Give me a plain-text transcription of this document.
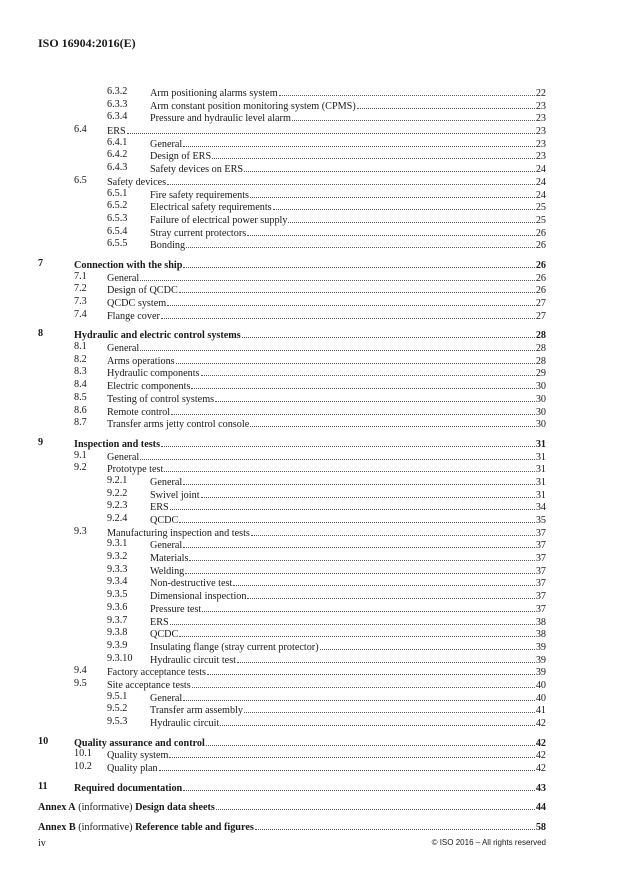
ISO 16904:2016(E)
6.3.2 Arm positioning alarms system	22
6.3.3 Arm constant position monitoring system (CPMS)	23
6.3.4 Pressure and hydraulic level alarm	23
6.4 ERS	23
6.4.1 General	23
6.4.2 Design of ERS	23
6.4.3 Safety devices on ERS	24
6.5 Safety devices	24
6.5.1 Fire safety requirements	24
6.5.2 Electrical safety requirements	25
6.5.3 Failure of electrical power supply	25
6.5.4 Stray current protectors	26
6.5.5 Bonding	26
7	Connection with the ship	26
7.1 General	26
7.2 Design of QCDC	26
7.3 QCDC system	27
7.4 Flange cover	27
8	Hydraulic and electric control systems	28
8.1 General	28
8.2 Arms operations	28
8.3 Hydraulic components	29
8.4 Electric components	30
8.5 Testing of control systems	30
8.6 Remote control	30
8.7 Transfer arms jetty control console	30
9	Inspection and tests	31
9.1 General	31
9.2 Prototype test	31
9.2.1 General	31
9.2.2 Swivel joint	31
9.2.3 ERS	34
9.2.4 QCDC	35
9.3 Manufacturing inspection and tests	37
9.3.1 General	37
9.3.2 Materials	37
9.3.3 Welding	37
9.3.4 Non-destructive test	37
9.3.5 Dimensional inspection	37
9.3.6 Pressure test	37
9.3.7 ERS	38
9.3.8 QCDC	38
9.3.9 Insulating flange (stray current protector)	39
9.3.10 Hydraulic circuit test	39
9.4 Factory acceptance tests	39
9.5 Site acceptance tests	40
9.5.1 General	40
9.5.2 Transfer arm assembly	41
9.5.3 Hydraulic circuit	42
10	Quality assurance and control	42
10.1 Quality system	42
10.2 Quality plan	42
11	Required documentation	43
Annex A (informative) Design data sheets	44
Annex B (informative) Reference table and figures	58
iv	© ISO 2016 – All rights reserved
